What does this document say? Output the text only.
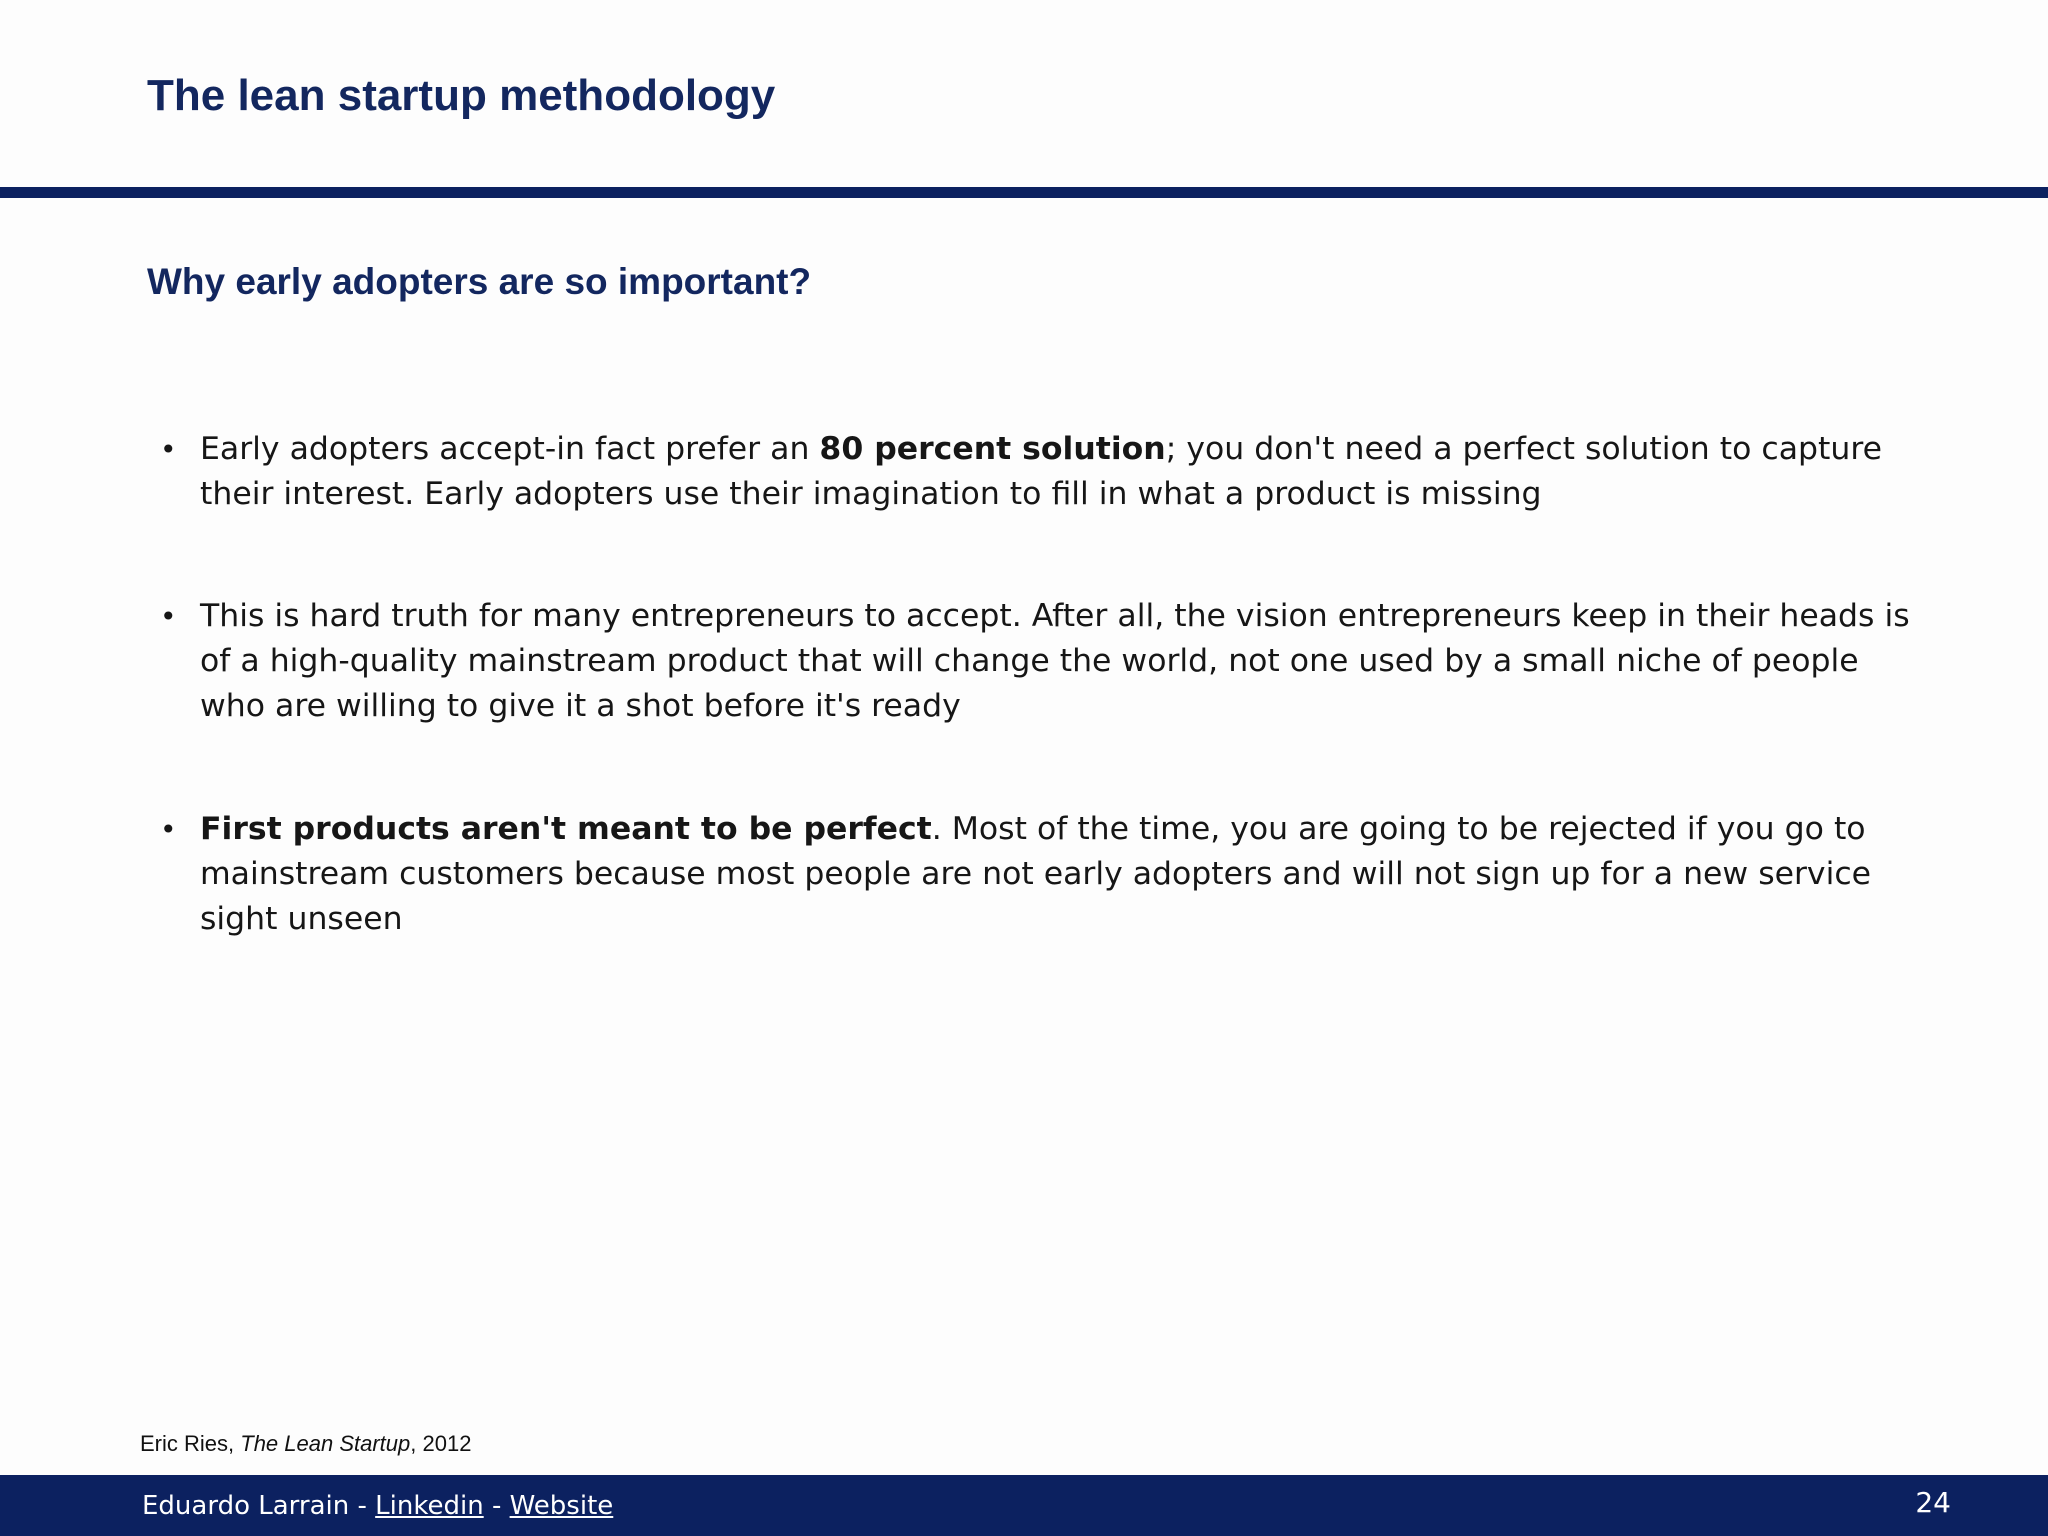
The lean startup methodology
Why early adopters are so important?
• Early adopters accept-in fact prefer an 80 percent solution; you don't need a perfect solution to capture their interest. Early adopters use their imagination to fill in what a product is missing
• This is hard truth for many entrepreneurs to accept. After all, the vision entrepreneurs keep in their heads is of a high-quality mainstream product that will change the world, not one used by a small niche of people who are willing to give it a shot before it's ready
• First products aren't meant to be perfect. Most of the time, you are going to be rejected if you go to mainstream customers because most people are not early adopters and will not sign up for a new service sight unseen
Eric Ries, The Lean Startup, 2012
Eduardo Larrain - Linkedin - Website	24
